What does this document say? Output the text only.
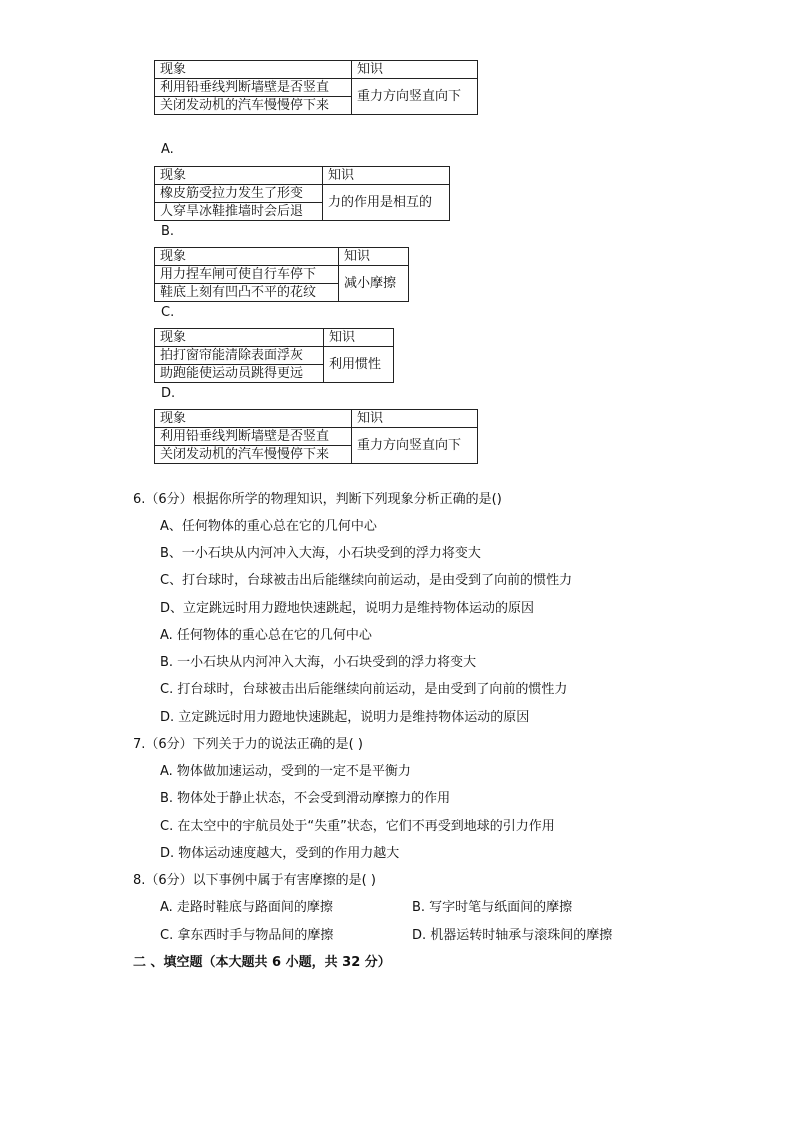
现象	知识
利用铅垂线判断墙壁是否竖直	重力方向竖直向下
关闭发动机的汽车慢慢停下来	
A.
现象	知识
橡皮筋受拉力发生了形变	力的作用是相互的
人穿旱冰鞋推墙时会后退	
B.
现象	知识
用力捏车闸可使自行车停下	减小摩擦
鞋底上刻有凹凸不平的花纹	
C.
现象	知识
拍打窗帘能清除表面浮灰	利用惯性
助跑能使运动员跳得更远	
D.
现象	知识
利用铅垂线判断墙壁是否竖直	重力方向竖直向下
关闭发动机的汽车慢慢停下来	
6.（6分）根据你所学的物理知识，判断下列现象分析正确的是()
A、任何物体的重心总在它的几何中心
B、一小石块从内河冲入大海，小石块受到的浮力将变大
C、打台球时，台球被击出后能继续向前运动，是由受到了向前的惯性力
D、立定跳远时用力蹬地快速跳起，说明力是维持物体运动的原因
A. 任何物体的重心总在它的几何中心
B. 一小石块从内河冲入大海，小石块受到的浮力将变大
C. 打台球时，台球被击出后能继续向前运动，是由受到了向前的惯性力
D. 立定跳远时用力蹬地快速跳起，说明力是维持物体运动的原因
7.（6分）下列关于力的说法正确的是( )
A. 物体做加速运动，受到的一定不是平衡力
B. 物体处于静止状态，不会受到滑动摩擦力的作用
C. 在太空中的宇航员处于“失重”状态，它们不再受到地球的引力作用
D. 物体运动速度越大，受到的作用力越大
8.（6分）以下事例中属于有害摩擦的是( )
A. 走路时鞋底与路面间的摩擦	B. 写字时笔与纸面间的摩擦
C. 拿东西时手与物品间的摩擦	D. 机器运转时轴承与滚珠间的摩擦
二 、填空题（本大题共 6 小题，共 32 分）
